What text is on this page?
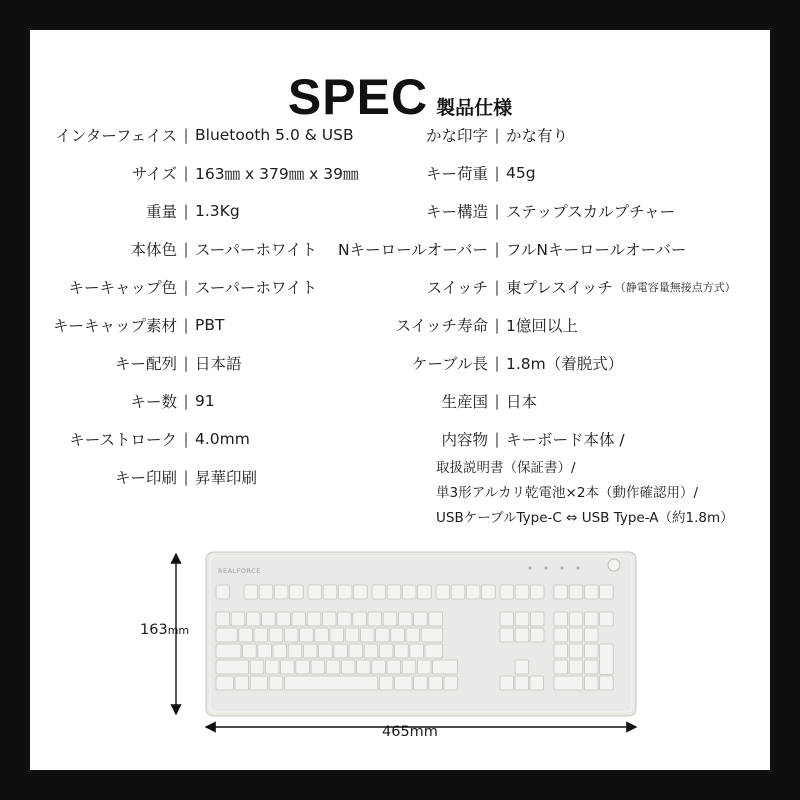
SPEC 製品仕様
インターフェイス | Bluetooth 5.0 & USB
サイズ | 163㎜ x 379㎜ x 39㎜
重量 | 1.3Kg
本体色 | スーパーホワイト
キーキャップ色 | スーパーホワイト
キーキャップ素材 | PBT
キー配列 | 日本語
キー数 | 91
キーストローク | 4.0mm
キー印刷 | 昇華印刷
かな印字 | かな有り
キー荷重 | 45g
キー構造 | ステップスカルプチャー
Nキーロールオーバー | フルNキーロールオーバー
スイッチ | 東プレスイッチ （静電容量無接点方式）
スイッチ寿命 | 1億回以上
ケーブル長 | 1.8m（着脱式）
生産国 | 日本
内容物 | キーボード本体 /
取扱説明書（保証書）/
単3形アルカリ乾電池×2本（動作確認用）/
USBケーブルType-C ⇔ USB Type-A（約1.8m）
163mm
465mm
REALFORCE
